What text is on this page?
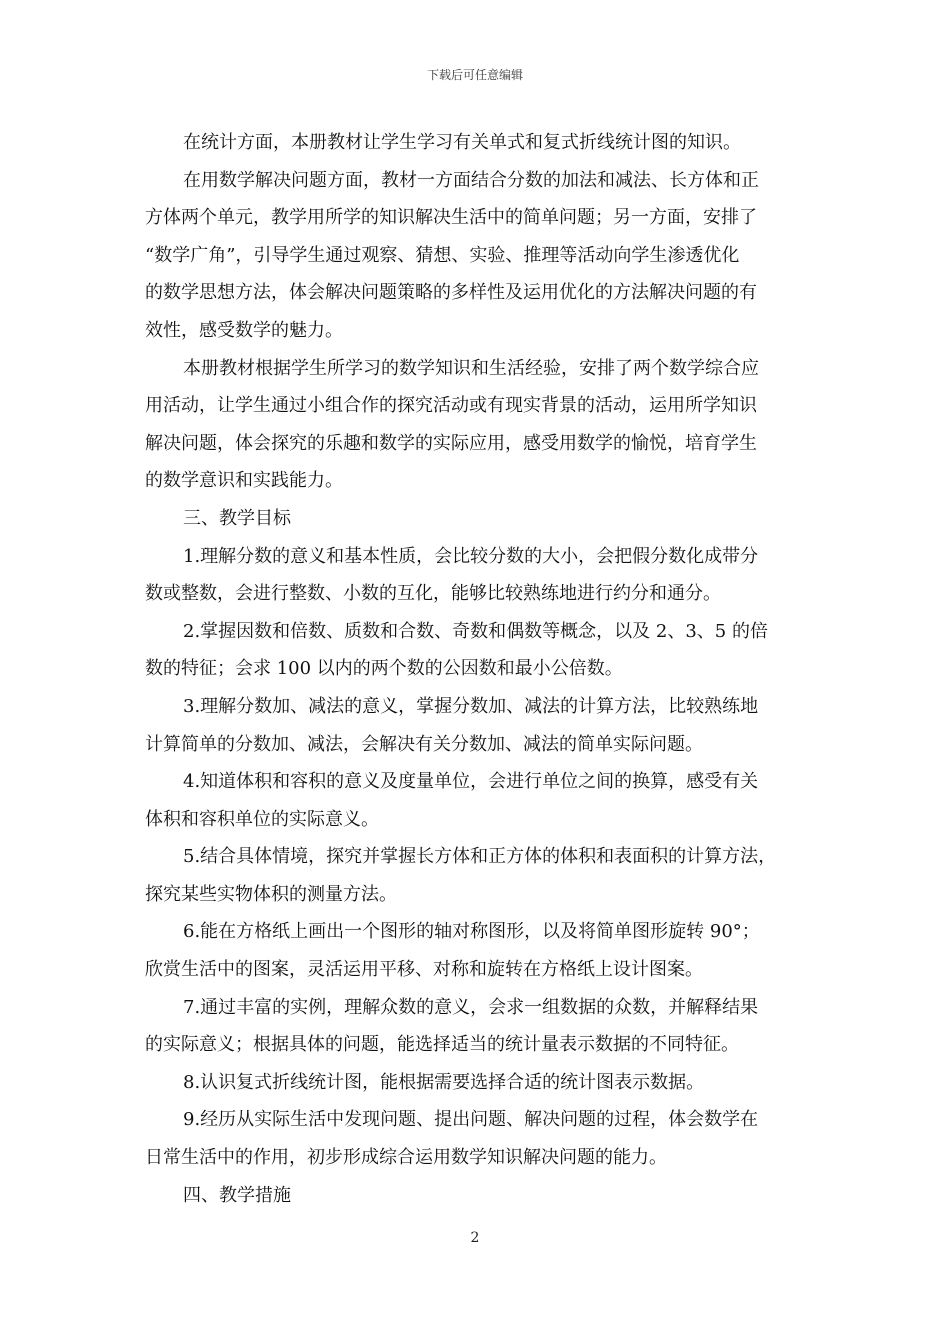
下载后可任意编辑

在统计方面，本册教材让学生学习有关单式和复式折线统计图的知识。

在用数学解决问题方面，教材一方面结合分数的加法和减法、长方体和正
方体两个单元，教学用所学的知识解决生活中的简单问题；另一方面，安排了
“数学广角”，引导学生通过观察、猜想、实验、推理等活动向学生渗透优化
的数学思想方法，体会解决问题策略的多样性及运用优化的方法解决问题的有
效性，感受数学的魅力。

本册教材根据学生所学习的数学知识和生活经验，安排了两个数学综合应
用活动，让学生通过小组合作的探究活动或有现实背景的活动，运用所学知识
解决问题，体会探究的乐趣和数学的实际应用，感受用数学的愉悦，培育学生
的数学意识和实践能力。

三、教学目标

1.理解分数的意义和基本性质，会比较分数的大小，会把假分数化成带分
数或整数，会进行整数、小数的互化，能够比较熟练地进行约分和通分。

2.掌握因数和倍数、质数和合数、奇数和偶数等概念，以及 2、3、5 的倍
数的特征；会求 100 以内的两个数的公因数和最小公倍数。

3.理解分数加、减法的意义，掌握分数加、减法的计算方法，比较熟练地
计算简单的分数加、减法，会解决有关分数加、减法的简单实际问题。

4.知道体积和容积的意义及度量单位，会进行单位之间的换算，感受有关
体积和容积单位的实际意义。

5.结合具体情境，探究并掌握长方体和正方体的体积和表面积的计算方法，
探究某些实物体积的测量方法。

6.能在方格纸上画出一个图形的轴对称图形，以及将简单图形旋转 90°；
欣赏生活中的图案，灵活运用平移、对称和旋转在方格纸上设计图案。

7.通过丰富的实例，理解众数的意义，会求一组数据的众数，并解释结果
的实际意义；根据具体的问题，能选择适当的统计量表示数据的不同特征。

8.认识复式折线统计图，能根据需要选择合适的统计图表示数据。

9.经历从实际生活中发现问题、提出问题、解决问题的过程，体会数学在
日常生活中的作用，初步形成综合运用数学知识解决问题的能力。

四、教学措施

2
